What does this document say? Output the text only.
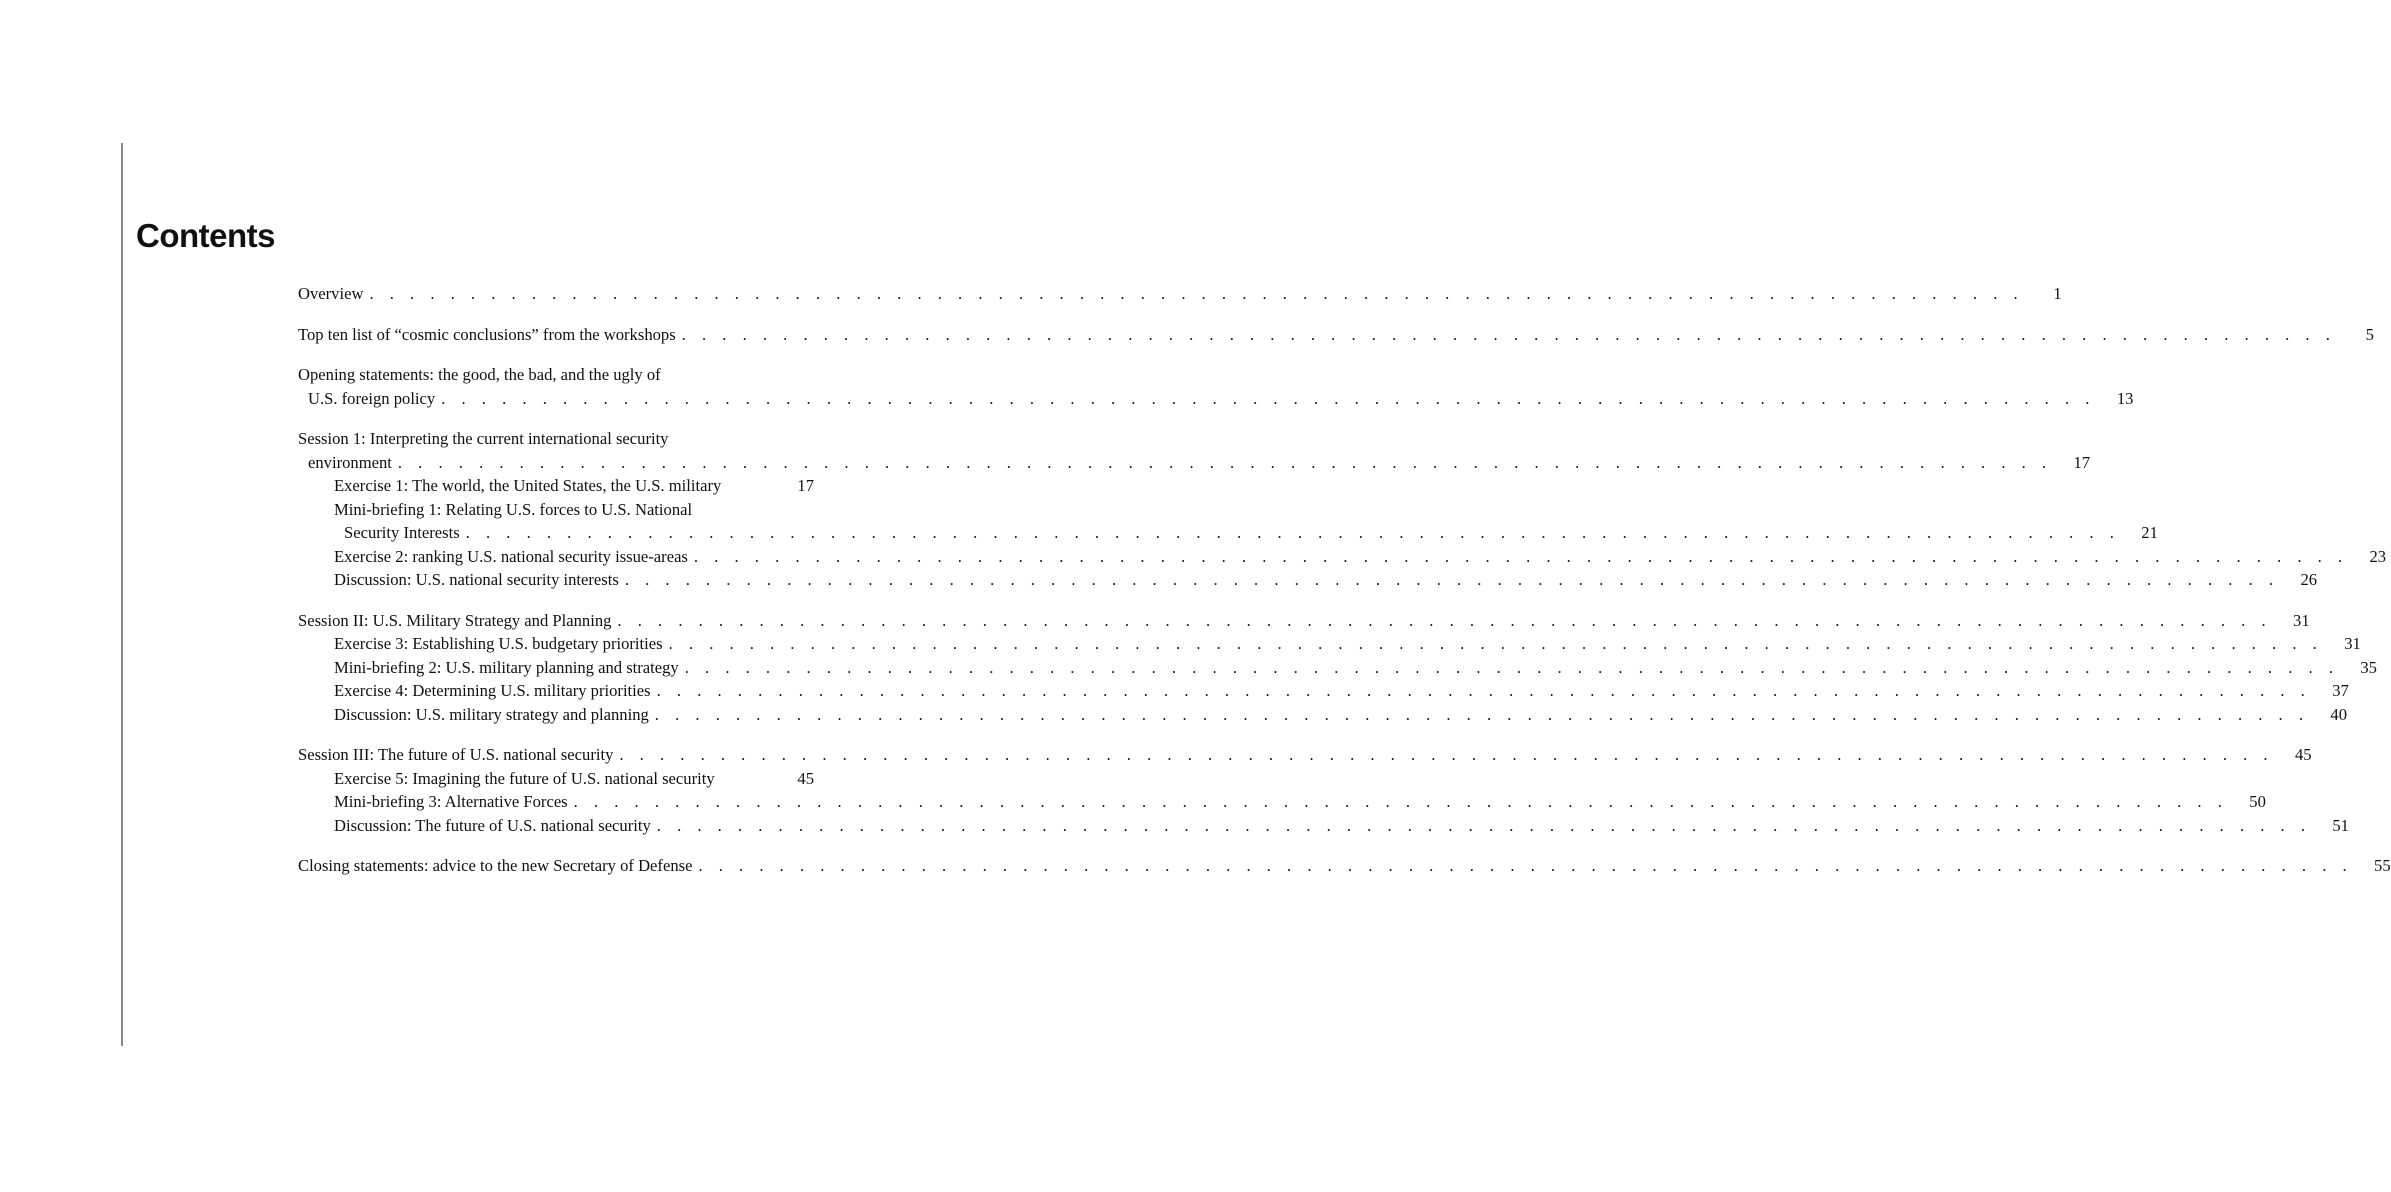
Contents
Overview . . . . . . . . . . . . . . . . . . . . . . . . . . . . . . . . . . . . . . . . . . . . . . . . . . . . . . . . . . . . . . . . . . . . . . . . . . . . . . . . . .	1
Top ten list of “cosmic conclusions” from the workshops . . . . . . . . . . . . . . . . . . . . . . . . . . . . . . . . . . . . . . . . . . . . . . . . . . . . . . . . . . . . . . . . . . . . . . . . . . . . . . . . . .	5
Opening statements: the good, the bad, and the ugly of
U.S. foreign policy . . . . . . . . . . . . . . . . . . . . . . . . . . . . . . . . . . . . . . . . . . . . . . . . . . . . . . . . . . . . . . . . . . . . . . . . . . . . . . . . . .	13
Session 1: Interpreting the current international security
environment . . . . . . . . . . . . . . . . . . . . . . . . . . . . . . . . . . . . . . . . . . . . . . . . . . . . . . . . . . . . . . . . . . . . . . . . . . . . . . . . . .	17
Exercise 1: The world, the United States, the U.S. military	17
Mini-briefing 1: Relating U.S. forces to U.S. National
Security Interests . . . . . . . . . . . . . . . . . . . . . . . . . . . . . . . . . . . . . . . . . . . . . . . . . . . . . . . . . . . . . . . . . . . . . . . . . . . . . . . . . .	21
Exercise 2: ranking U.S. national security issue-areas . . . . . . . . . . . . . . . . . . . . . . . . . . . . . . . . . . . . . . . . . . . . . . . . . . . . . . . . . . . . . . . . . . . . . . . . . . . . . . . . . .	23
Discussion: U.S. national security interests . . . . . . . . . . . . . . . . . . . . . . . . . . . . . . . . . . . . . . . . . . . . . . . . . . . . . . . . . . . . . . . . . . . . . . . . . . . . . . . . . .	26
Session II: U.S. Military Strategy and Planning . . . . . . . . . . . . . . . . . . . . . . . . . . . . . . . . . . . . . . . . . . . . . . . . . . . . . . . . . . . . . . . . . . . . . . . . . . . . . . . . . .	31
Exercise 3: Establishing U.S. budgetary priorities . . . . . . . . . . . . . . . . . . . . . . . . . . . . . . . . . . . . . . . . . . . . . . . . . . . . . . . . . . . . . . . . . . . . . . . . . . . . . . . . . .	31
Mini-briefing 2: U.S. military planning and strategy . . . . . . . . . . . . . . . . . . . . . . . . . . . . . . . . . . . . . . . . . . . . . . . . . . . . . . . . . . . . . . . . . . . . . . . . . . . . . . . . . .	35
Exercise 4: Determining U.S. military priorities . . . . . . . . . . . . . . . . . . . . . . . . . . . . . . . . . . . . . . . . . . . . . . . . . . . . . . . . . . . . . . . . . . . . . . . . . . . . . . . . . .	37
Discussion: U.S. military strategy and planning . . . . . . . . . . . . . . . . . . . . . . . . . . . . . . . . . . . . . . . . . . . . . . . . . . . . . . . . . . . . . . . . . . . . . . . . . . . . . . . . . .	40
Session III: The future of U.S. national security . . . . . . . . . . . . . . . . . . . . . . . . . . . . . . . . . . . . . . . . . . . . . . . . . . . . . . . . . . . . . . . . . . . . . . . . . . . . . . . . . .	45
Exercise 5: Imagining the future of U.S. national security	45
Mini-briefing 3: Alternative Forces . . . . . . . . . . . . . . . . . . . . . . . . . . . . . . . . . . . . . . . . . . . . . . . . . . . . . . . . . . . . . . . . . . . . . . . . . . . . . . . . . .	50
Discussion: The future of U.S. national security . . . . . . . . . . . . . . . . . . . . . . . . . . . . . . . . . . . . . . . . . . . . . . . . . . . . . . . . . . . . . . . . . . . . . . . . . . . . . . . . . .	51
Closing statements: advice to the new Secretary of Defense . . . . . . . . . . . . . . . . . . . . . . . . . . . . . . . . . . . . . . . . . . . . . . . . . . . . . . . . . . . . . . . . . . . . . . . . . . . . . . . . . .	55
